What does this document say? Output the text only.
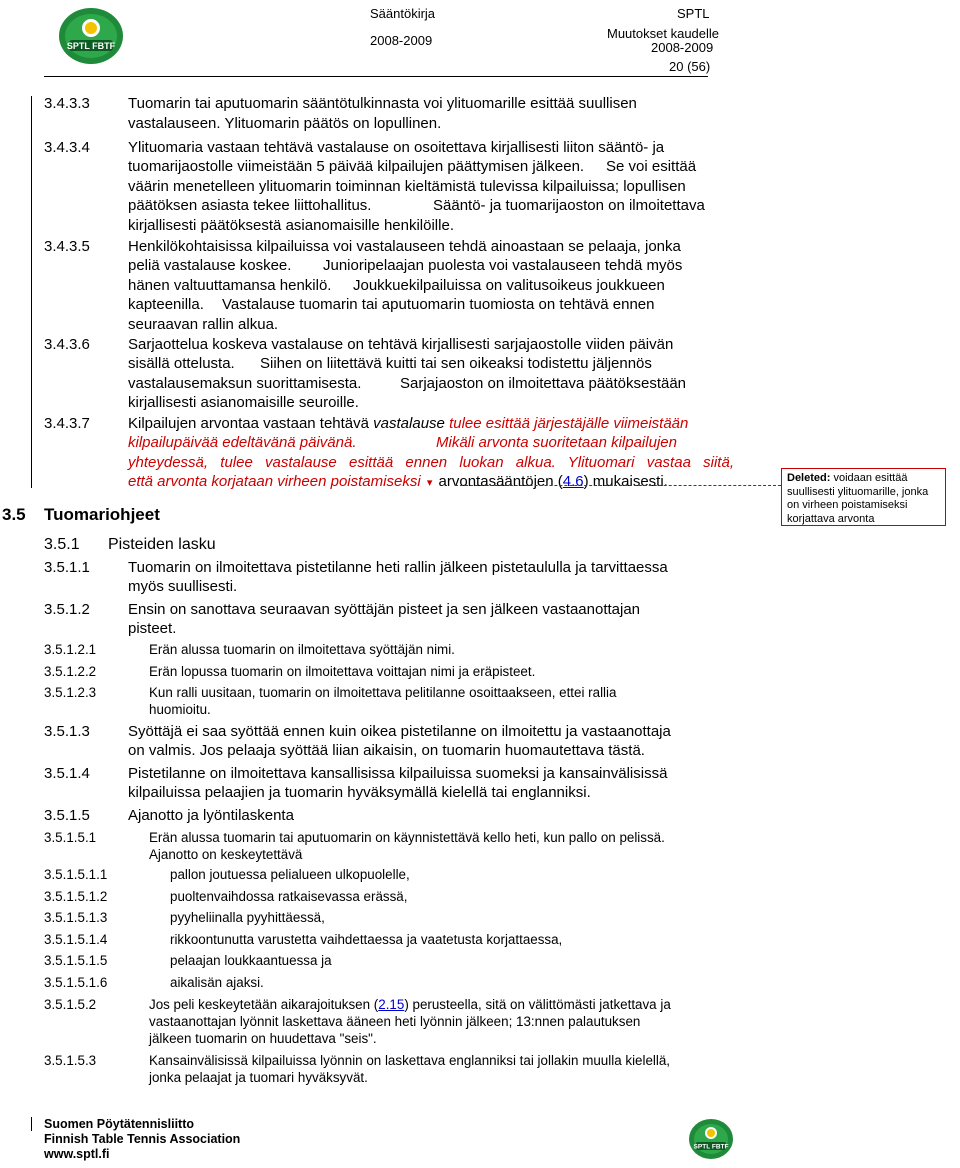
SPTL FBTF
Sääntökirja
2008-2009
SPTL
Muutokset kaudelle
2008-2009
20 (56)
3.4.3.3	Tuomarin tai aputuomarin sääntötulkinnasta voi ylituomarille esittää suullisen
vastalauseen. Ylituomarin päätös on lopullinen.
3.4.3.4	Ylituomaria vastaan tehtävä vastalause on osoitettava kirjallisesti liiton sääntö- ja
tuomarijaostolle viimeistään 5 päivää kilpailujen päättymisen jälkeen. Se voi esittää
väärin menetelleen ylituomarin toiminnan kieltämistä tulevissa kilpailuissa; lopullisen
päätöksen asiasta tekee liittohallitus.	Sääntö- ja tuomarijaoston on ilmoitettava
kirjallisesti päätöksestä asianomaisille henkilöille.
3.4.3.5	Henkilökohtaisissa kilpailuissa voi vastalauseen tehdä ainoastaan se pelaaja, jonka
peliä vastalause koskee. Junioripelaajan puolesta voi vastalauseen tehdä myös
hänen valtuuttamansa henkilö. Joukkuekilpailuissa on valitusoikeus joukkueen
kapteenilla. Vastalause tuomarin tai aputuomarin tuomiosta on tehtävä ennen
seuraavan rallin alkua.
3.4.3.6	Sarjaottelua koskeva vastalause on tehtävä kirjallisesti sarjajaostolle viiden päivän
sisällä ottelusta. Siihen on liitettävä kuitti tai sen oikeaksi todistettu jäljennös
vastalausemaksun suorittamisesta.	Sarjajaoston on ilmoitettava päätöksestään
kirjallisesti asianomaisille seuroille.
3.4.3.7	Kilpailujen arvontaa vastaan tehtävä vastalause tulee esittää järjestäjälle viimeistään
kilpailupäivää edeltävänä päivänä.	Mikäli arvonta suoritetaan kilpailujen
yhteydessä, tulee vastalause esittää ennen luokan alkua. Ylituomari vastaa siitä,
että arvonta korjataan virheen poistamiseksi ▾ arvontasääntöjen (4.6) mukaisesti.	Deleted: voidaan esittää suullisesti ylituomarille, jonka on virheen poistamiseksi korjattava arvonta
3.5 Tuomariohjeet
3.5.1 Pisteiden lasku
3.5.1.1	Tuomarin on ilmoitettava pistetilanne heti rallin jälkeen pistetaululla ja tarvittaessa
myös suullisesti.
3.5.1.2	Ensin on sanottava seuraavan syöttäjän pisteet ja sen jälkeen vastaanottajan
pisteet.
3.5.1.2.1	Erän alussa tuomarin on ilmoitettava syöttäjän nimi.
3.5.1.2.2	Erän lopussa tuomarin on ilmoitettava voittajan nimi ja eräpisteet.
3.5.1.2.3	Kun ralli uusitaan, tuomarin on ilmoitettava pelitilanne osoittaakseen, ettei rallia
huomioitu.
3.5.1.3	Syöttäjä ei saa syöttää ennen kuin oikea pistetilanne on ilmoitettu ja vastaanottaja
on valmis. Jos pelaaja syöttää liian aikaisin, on tuomarin huomautettava tästä.
3.5.1.4	Pistetilanne on ilmoitettava kansallisissa kilpailuissa suomeksi ja kansainvälisissä
kilpailuissa pelaajien ja tuomarin hyväksymällä kielellä tai englanniksi.
3.5.1.5	Ajanotto ja lyöntilaskenta
3.5.1.5.1	Erän alussa tuomarin tai aputuomarin on käynnistettävä kello heti, kun pallo on pelissä.
Ajanotto on keskeytettävä
3.5.1.5.1.1	pallon joutuessa pelialueen ulkopuolelle,
3.5.1.5.1.2	puoltenvaihdossa ratkaisevassa erässä,
3.5.1.5.1.3	pyyheliinalla pyyhittäessä,
3.5.1.5.1.4	rikkoontunutta varustetta vaihdettaessa ja vaatetusta korjattaessa,
3.5.1.5.1.5	pelaajan loukkaantuessa ja
3.5.1.5.1.6	aikalisän ajaksi.
3.5.1.5.2	Jos peli keskeytetään aikarajoituksen (2.15) perusteella, sitä on välittömästi jatkettava ja
vastaanottajan lyönnit laskettava ääneen heti lyönnin jälkeen; 13:nnen palautuksen
jälkeen tuomarin on huudettava "seis".
3.5.1.5.3	Kansainvälisissä kilpailuissa lyönnin on laskettava englanniksi tai jollakin muulla kielellä,
jonka pelaajat ja tuomari hyväksyvät.
Suomen Pöytätennisliitto
Finnish Table Tennis Association
www.sptl.fi	SPTL FBTF
